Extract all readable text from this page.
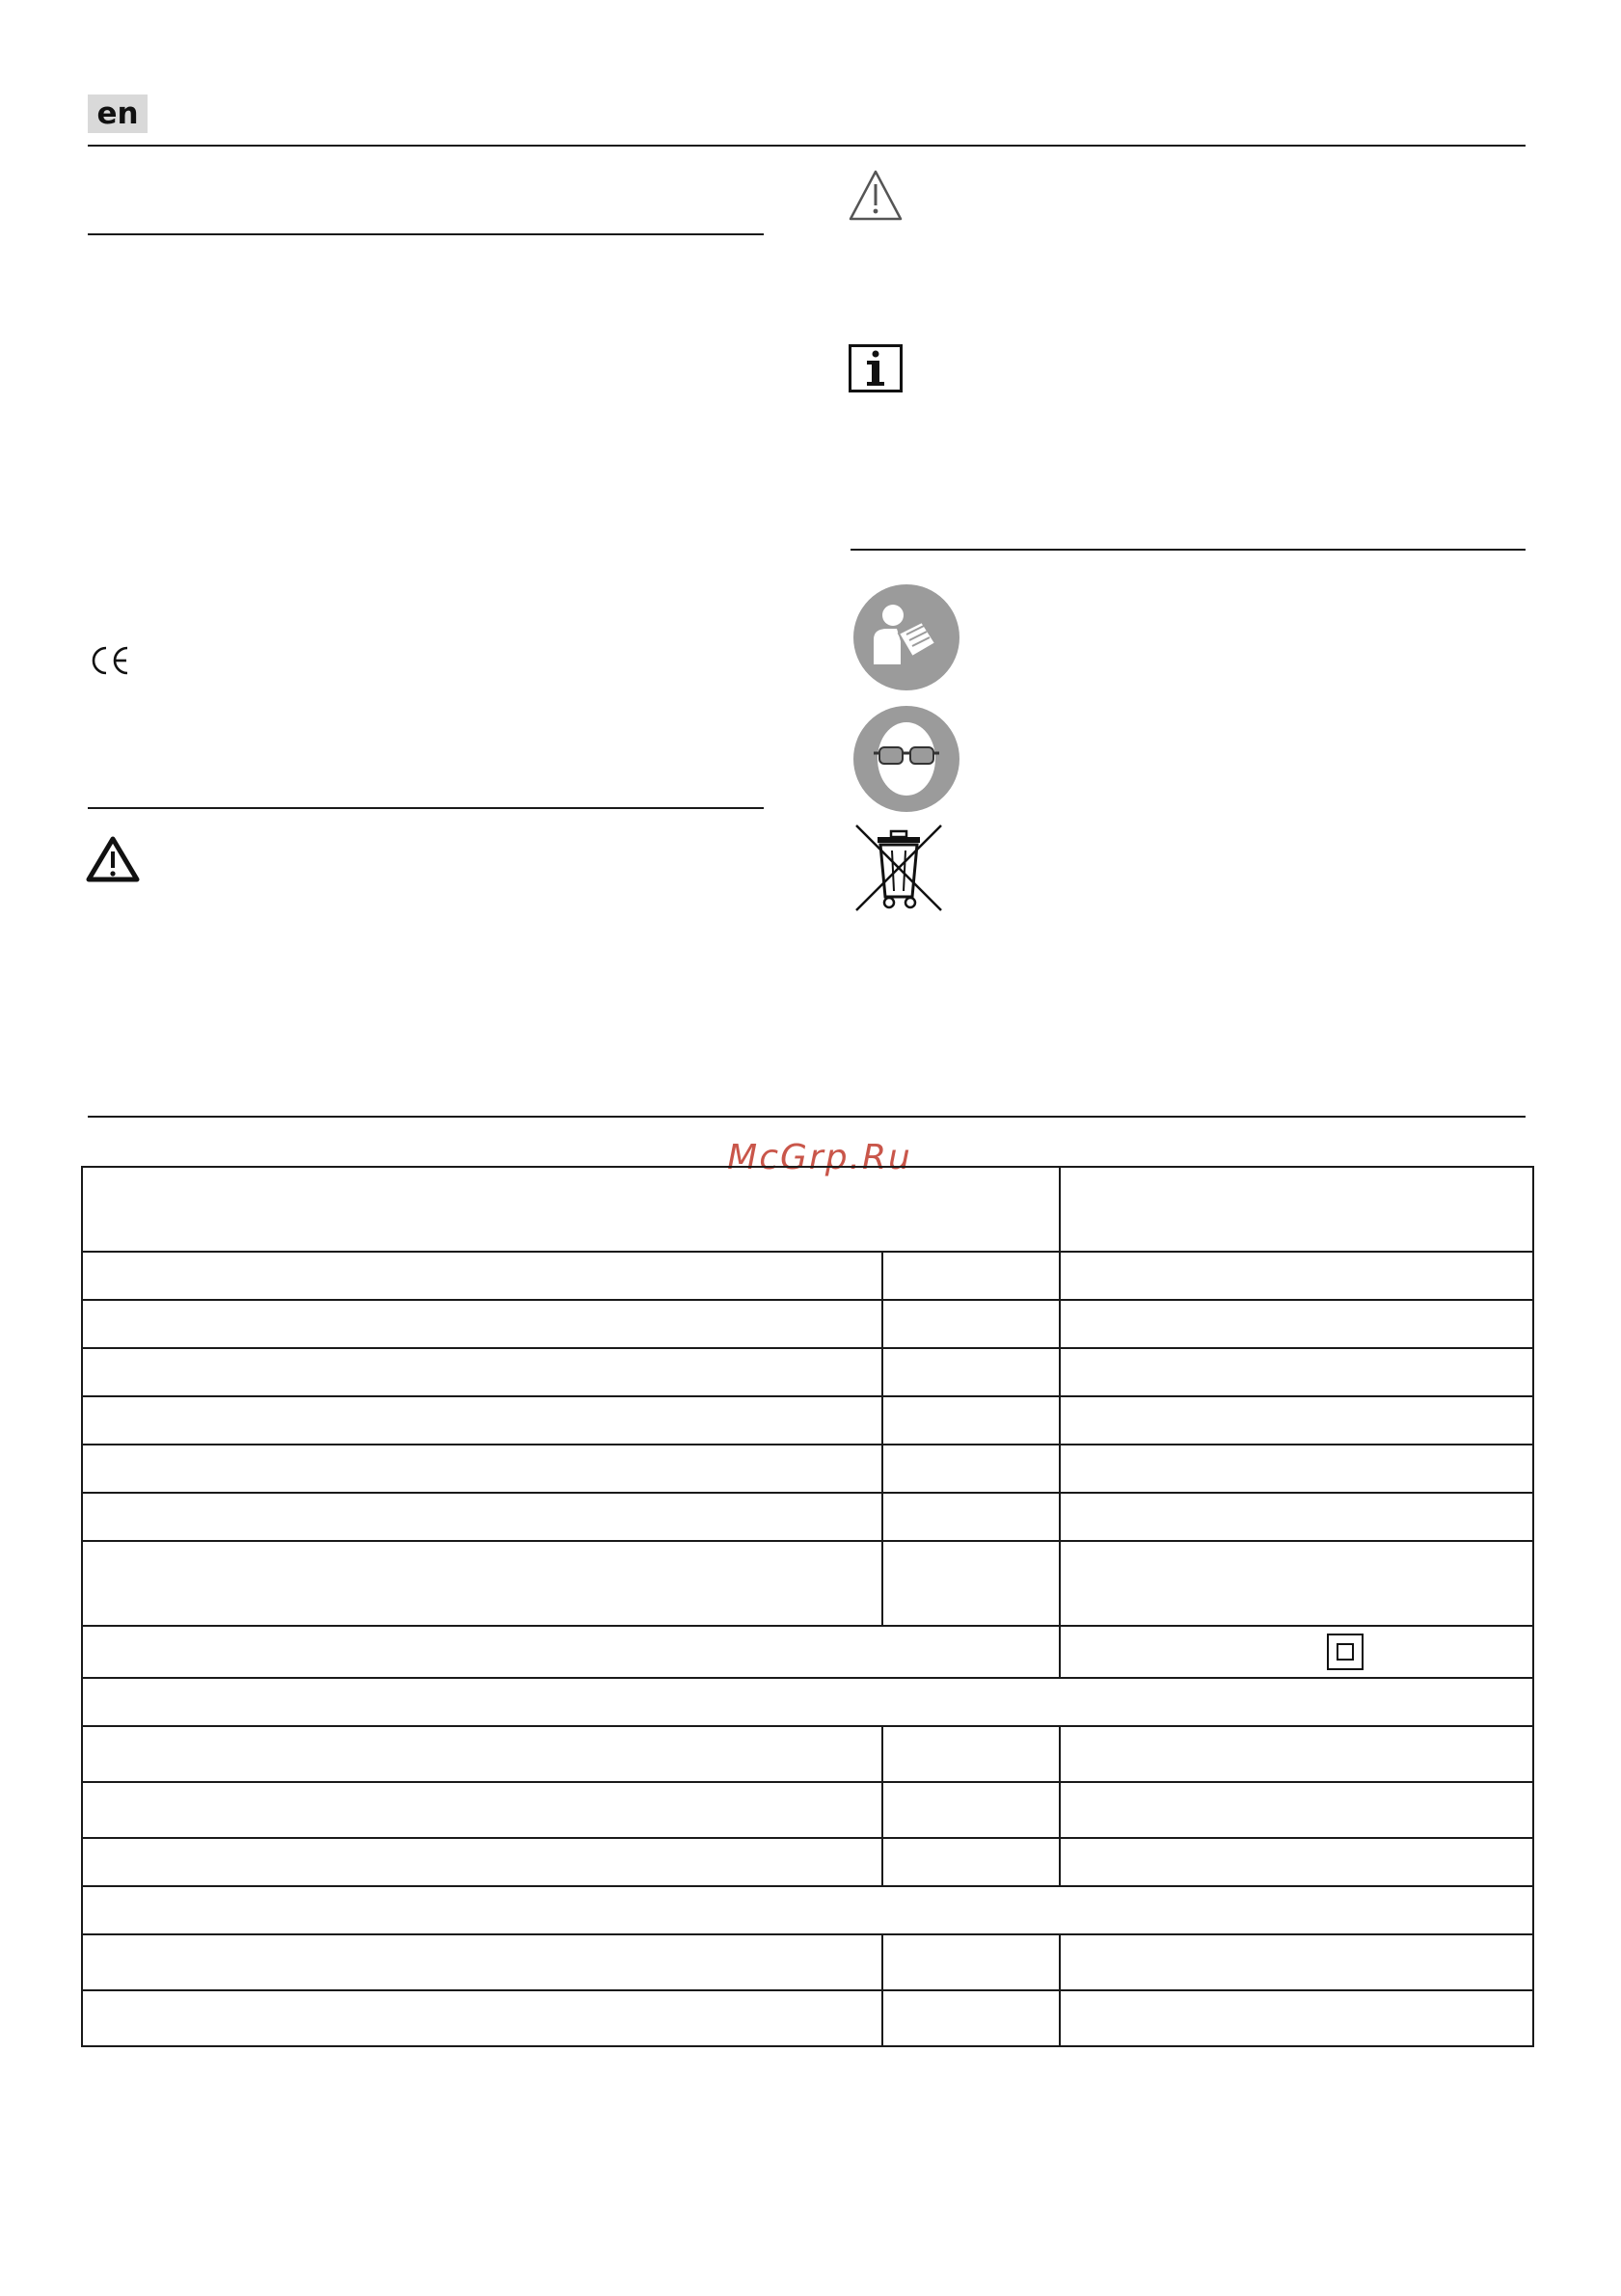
en
McGrp.Ru
